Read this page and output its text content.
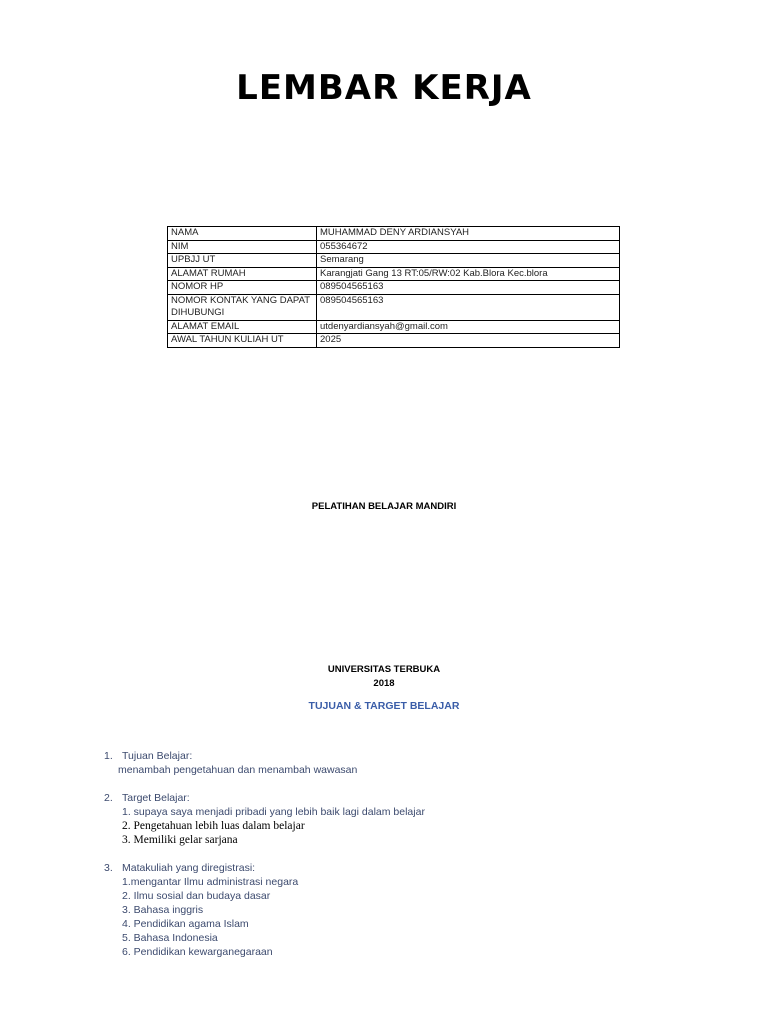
LEMBAR KERJA
NAMA	MUHAMMAD DENY ARDIANSYAH
NIM	055364672
UPBJJ UT	Semarang
ALAMAT RUMAH	Karangjati Gang 13 RT:05/RW:02 Kab.Blora Kec.blora
NOMOR HP	089504565163
NOMOR KONTAK YANG DAPAT DIHUBUNGI	089504565163
ALAMAT EMAIL	utdenyardiansyah@gmail.com
AWAL TAHUN KULIAH UT	2025
PELATIHAN BELAJAR MANDIRI
UNIVERSITAS TERBUKA
2018
TUJUAN & TARGET BELAJAR
1. Tujuan Belajar:
menambah pengetahuan dan menambah wawasan
2. Target Belajar:
1. supaya saya menjadi pribadi yang lebih baik lagi dalam belajar
2. Pengetahuan lebih luas dalam belajar
3. Memiliki gelar sarjana
3. Matakuliah yang diregistrasi:
1.mengantar Ilmu administrasi negara
2. Ilmu sosial dan budaya dasar
3. Bahasa inggris
4. Pendidikan agama Islam
5. Bahasa Indonesia
6. Pendidikan kewarganegaraan
